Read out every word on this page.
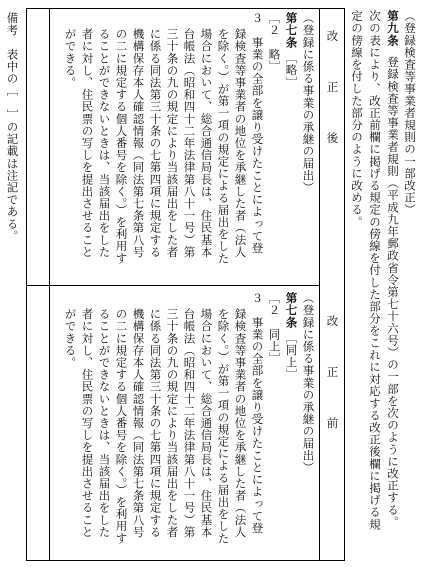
（登録検査等事業者規則の一部改正）
第九条
登録検査等事業者規則（平成九年郵政省令第七十六号）の一部を次のように改正する。
次の表により、改正前欄に掲げる規定の傍線を付した部分をこれに対応する改正後欄に掲げる規
定の傍線を付した部分のように改める。
改　正　後
改　正　前
（登録に係る事業の承継の届出）
第七条
［略］
［２　略］
３　事業の全部を譲り受けたことによって登
録検査等事業者の地位を承継した者（法人
を除く。）が第一項の規定による届出をした
場合において、総合通信局長は、住民基本
台帳法（昭和四十二年法律第八十一号）第
三十条の九の規定により当該届出をした者
に係る同法第三十条の七第四項に規定する
機構保存本人確認情報（同法第七条第八号
の二に規定する個人番号を除く。）を利用す
ることができないときは、当該届出をした
者に対し、住民票の写しを提出させること
ができる。
（登録に係る事業の承継の届出）
第七条
［同上］
［２　同上］
３　事業の全部を譲り受けたことによって登
録検査等事業者の地位を承継した者（法人
を除く。）が第一項の規定による届出をした
場合において、総合通信局長は、住民基本
台帳法（昭和四十二年法律第八十一号）第
三十条の九の規定により当該届出をした者
に係る同法第三十条の七第四項に規定する
機構保存本人確認情報（同法第七条第八号
の二に規定する個人番号を除く。）を利用す
ることができないときは、当該届出をした
者に対し、住民票の写しを提出させること
ができる。
備考　表中の［　］の記載は注記である。
